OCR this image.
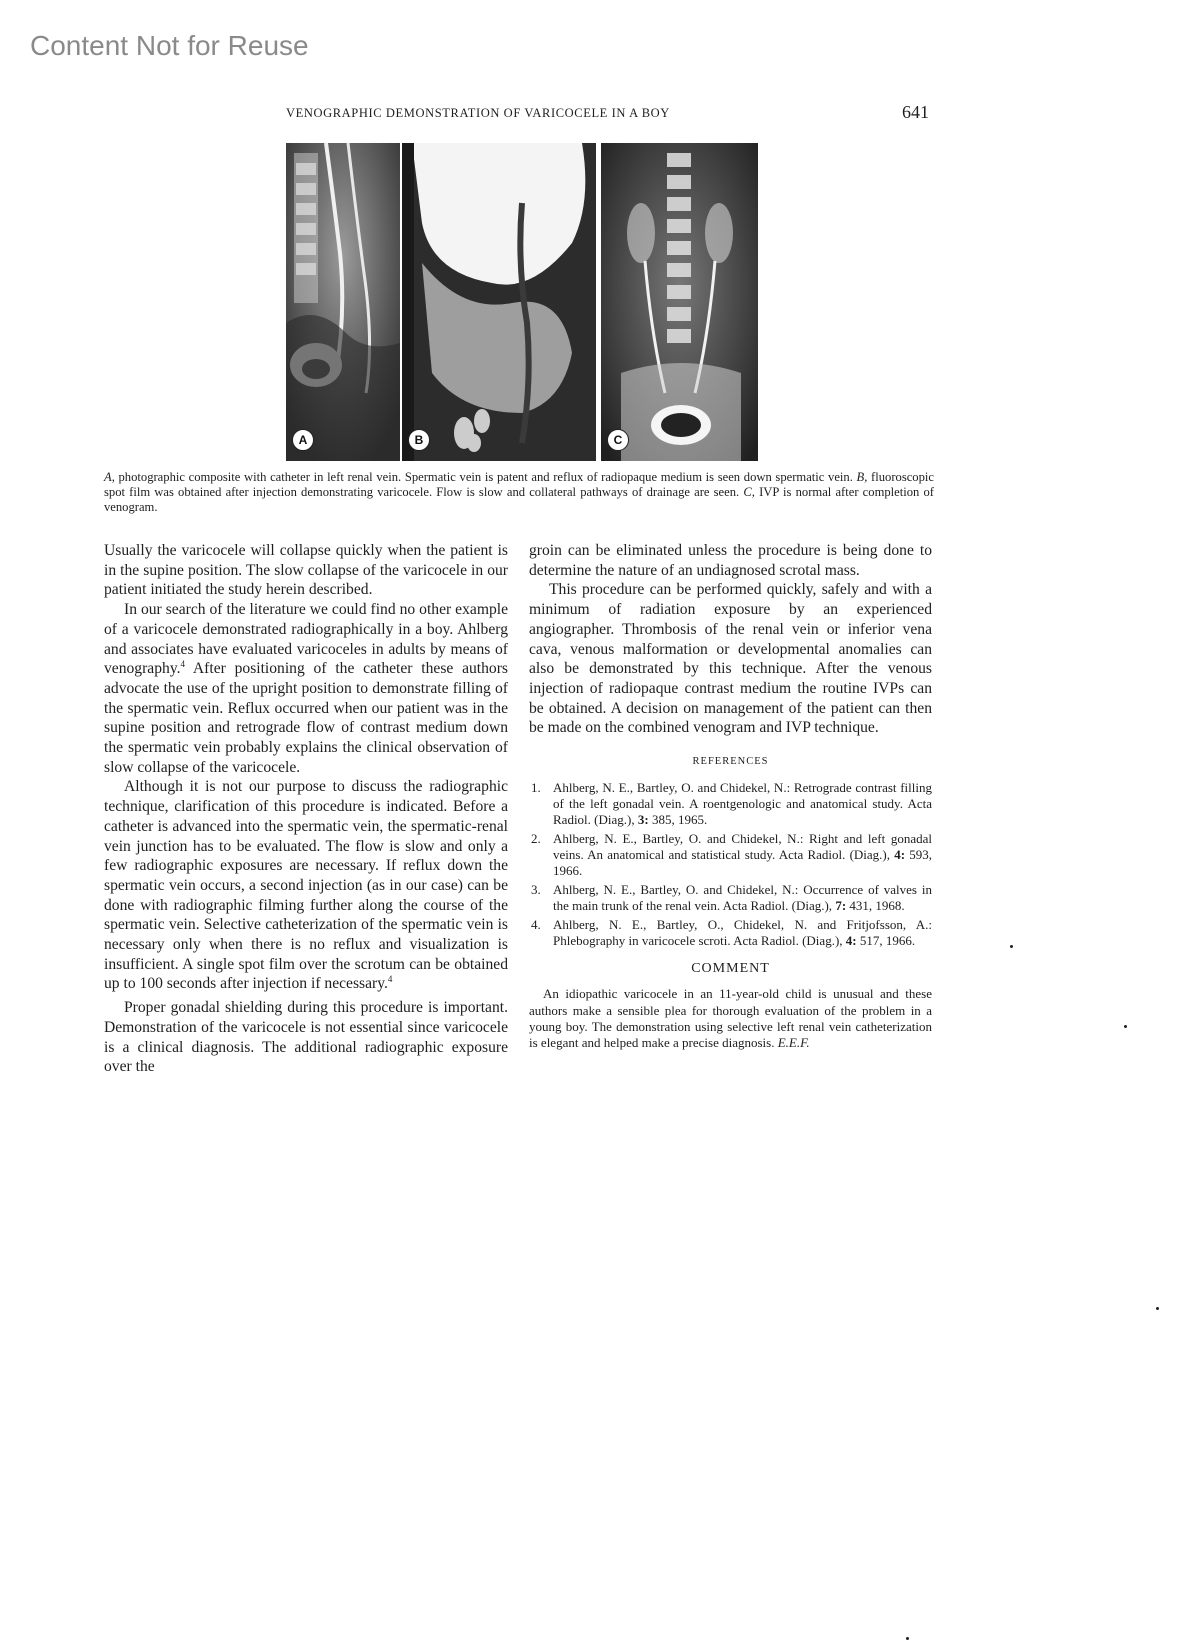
Content Not for Reuse
VENOGRAPHIC DEMONSTRATION OF VARICOCELE IN A BOY	641
A	B	C
A, photographic composite with catheter in left renal vein. Spermatic vein is patent and reflux of radiopaque medium is seen down spermatic vein. B, fluoroscopic spot film was obtained after injection demonstrating varicocele. Flow is slow and collateral pathways of drainage are seen. C, IVP is normal after completion of venogram.

Usually the varicocele will collapse quickly when the patient is in the supine position. The slow collapse of the varicocele in our patient initiated the study herein described.

In our search of the literature we could find no other example of a varicocele demonstrated radiographically in a boy. Ahlberg and associates have evaluated varicoceles in adults by means of venography.$^4$ After positioning of the catheter these authors advocate the use of the upright position to demonstrate filling of the spermatic vein. Reflux occurred when our patient was in the supine position and retrograde flow of contrast medium down the spermatic vein probably explains the clinical observation of slow collapse of the varicocele.

Although it is not our purpose to discuss the radiographic technique, clarification of this procedure is indicated. Before a catheter is advanced into the spermatic vein, the spermatic-renal vein junction has to be evaluated. The flow is slow and only a few radiographic exposures are necessary. If reflux down the spermatic vein occurs, a second injection (as in our case) can be done with radiographic filming further along the course of the spermatic vein. Selective catheterization of the spermatic vein is necessary only when there is no reflux and visualization is insufficient. A single spot film over the scrotum can be obtained up to 100 seconds after injection if necessary.$^4$

Proper gonadal shielding during this procedure is important. Demonstration of the varicocele is not essential since varicocele is a clinical diagnosis. The additional radiographic exposure over the

groin can be eliminated unless the procedure is being done to determine the nature of an undiagnosed scrotal mass.

This procedure can be performed quickly, safely and with a minimum of radiation exposure by an experienced angiographer. Thrombosis of the renal vein or inferior vena cava, venous malformation or developmental anomalies can also be demonstrated by this technique. After the venous injection of radiopaque contrast medium the routine IVPs can be obtained. A decision on management of the patient can then be made on the combined venogram and IVP technique.

REFERENCES
1. Ahlberg, N. E., Bartley, O. and Chidekel, N.: Retrograde contrast filling of the left gonadal vein. A roentgenologic and anatomical study. Acta Radiol. (Diag.), 3: 385, 1965.
2. Ahlberg, N. E., Bartley, O. and Chidekel, N.: Right and left gonadal veins. An anatomical and statistical study. Acta Radiol. (Diag.), 4: 593, 1966.
3. Ahlberg, N. E., Bartley, O. and Chidekel, N.: Occurrence of valves in the main trunk of the renal vein. Acta Radiol. (Diag.), 7: 431, 1968.
4. Ahlberg, N. E., Bartley, O., Chidekel, N. and Fritjofsson, A.: Phlebography in varicocele scroti. Acta Radiol. (Diag.), 4: 517, 1966.
COMMENT

An idiopathic varicocele in an 11-year-old child is unusual and these authors make a sensible plea for thorough evaluation of the problem in a young boy. The demonstration using selective left renal vein catheterization is elegant and helped make a precise diagnosis. E.E.F.
